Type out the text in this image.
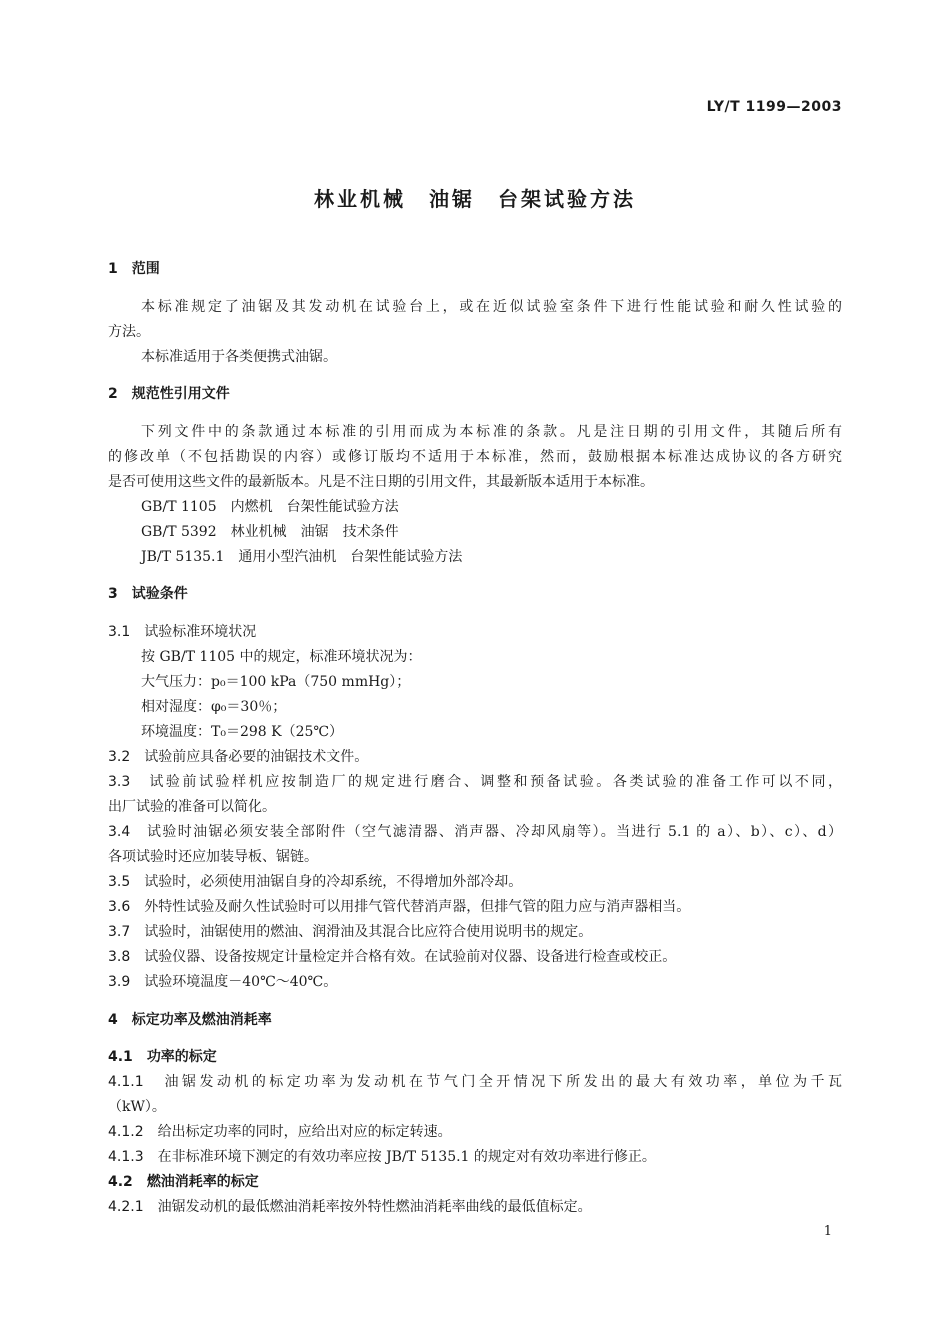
LY/T 1199—2003
林业机械　油锯　台架试验方法
1　 范围
本标准规定了油锯及其发动机在试验台上，或在近似试验室条件下进行性能试验和耐久性试验的
方法。
本标准适用于各类便携式油锯。
2　 规范性引用文件
下列文件中的条款通过本标准的引用而成为本标准的条款。凡是注日期的引用文件，其随后所有
的修改单（不包括勘误的内容）或修订版均不适用于本标准，然而，鼓励根据本标准达成协议的各方研究
是否可使用这些文件的最新版本。凡是不注日期的引用文件，其最新版本适用于本标准。
GB/T 1105　内燃机　台架性能试验方法
GB/T 5392　林业机械　油锯　技术条件
JB/T 5135.1　通用小型汽油机　台架性能试验方法
3　 试验条件
3.1　 试验标准环境状况
按 GB/T 1105 中的规定，标准环境状况为：
大气压力：p₀＝100 kPa（750 mmHg）；
相对湿度：φ₀＝30％；
环境温度：T₀＝298 K（25℃）
3.2　 试验前应具备必要的油锯技术文件。
3.3　 试验前试验样机应按制造厂的规定进行磨合、调整和预备试验。各类试验的准备工作可以不同，
出厂试验的准备可以简化。
3.4　 试验时油锯必须安装全部附件（空气滤清器、消声器、冷却风扇等）。当进行 5.1 的 a）、b）、c）、d）
各项试验时还应加装导板、锯链。
3.5　 试验时，必须使用油锯自身的冷却系统，不得增加外部冷却。
3.6　 外特性试验及耐久性试验时可以用排气管代替消声器，但排气管的阻力应与消声器相当。
3.7　 试验时，油锯使用的燃油、润滑油及其混合比应符合使用说明书的规定。
3.8　 试验仪器、设备按规定计量检定并合格有效。在试验前对仪器、设备进行检查或校正。
3.9　 试验环境温度－40℃～40℃。
4　 标定功率及燃油消耗率
4.1　 功率的标定
4.1.1　 油锯发动机的标定功率为发动机在节气门全开情况下所发出的最大有效功率，单位为千瓦
（kW）。
4.1.2　 给出标定功率的同时，应给出对应的标定转速。
4.1.3　 在非标准环境下测定的有效功率应按 JB/T 5135.1 的规定对有效功率进行修正。
4.2　 燃油消耗率的标定
4.2.1　 油锯发动机的最低燃油消耗率按外特性燃油消耗率曲线的最低值标定。
1
